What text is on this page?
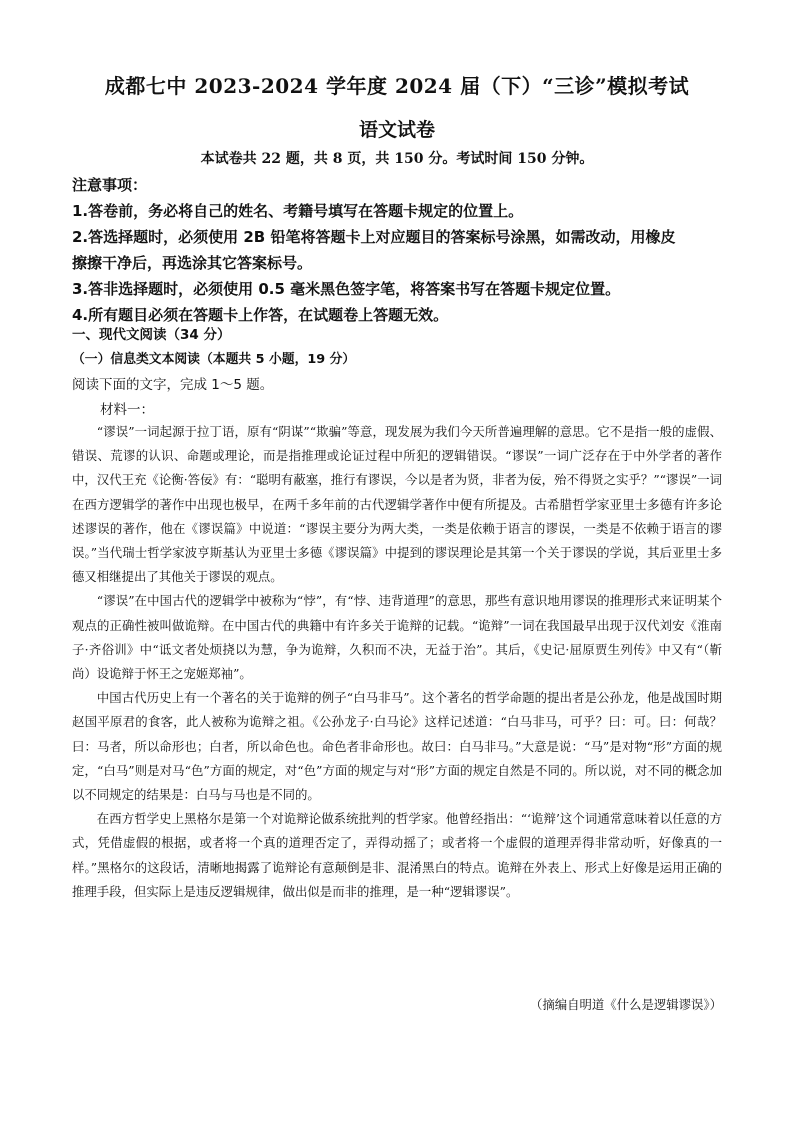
成都七中 2023-2024 学年度 2024 届（下）“三诊”模拟考试
语文试卷
本试卷共 22 题，共 8 页，共 150 分。考试时间 150 分钟。
注意事项：
1.答卷前，务必将自己的姓名、考籍号填写在答题卡规定的位置上。
2.答选择题时，必须使用 2B 铅笔将答题卡上对应题目的答案标号涂黑，如需改动，用橡皮
擦擦干净后，再选涂其它答案标号。
3.答非选择题时，必须使用 0.5 毫米黑色签字笔，将答案书写在答题卡规定位置。
4.所有题目必须在答题卡上作答，在试题卷上答题无效。
一、现代文阅读（34 分）
（一）信息类文本阅读（本题共 5 小题，19 分）
阅读下面的文字，完成 1～5 题。
材料一：

“谬误”一词起源于拉丁语，原有“阴谋”“欺骗”等意，现发展为我们今天所普遍理解的意思。它不是指一般的虚假、错误、荒谬的认识、命题或理论，而是指推理或论证过程中所犯的逻辑错误。“谬误”一词广泛存在于中外学者的著作中，汉代王充《论衡·答佞》有：“聪明有蔽塞，推行有谬误，今以是者为贤，非者为佞，殆不得贤之实乎？”“谬误”一词在西方逻辑学的著作中出现也极早，在两千多年前的古代逻辑学著作中便有所提及。古希腊哲学家亚里士多德有许多论述谬误的著作，他在《谬误篇》中说道：“谬误主要分为两大类，一类是依赖于语言的谬误，一类是不依赖于语言的谬误。”当代瑞士哲学家波亨斯基认为亚里士多德《谬误篇》中提到的谬误理论是其第一个关于谬误的学说，其后亚里士多德又相继提出了其他关于谬误的观点。

“谬误”在中国古代的逻辑学中被称为“悖”，有“悖、违背道理”的意思，那些有意识地用谬误的推理形式来证明某个观点的正确性被叫做诡辩。在中国古代的典籍中有许多关于诡辩的记载。“诡辩”一词在我国最早出现于汉代刘安《淮南子·齐俗训》中“诋文者处烦挠以为慧，争为诡辩，久积而不决，无益于治”。其后，《史记·屈原贾生列传》中又有“（靳尚）设诡辩于怀王之宠姬郑袖”。

中国古代历史上有一个著名的关于诡辩的例子“白马非马”。这个著名的哲学命题的提出者是公孙龙，他是战国时期赵国平原君的食客，此人被称为诡辩之祖。《公孙龙子·白马论》这样记述道：“白马非马，可乎？曰：可。曰：何哉？曰：马者，所以命形也；白者，所以命色也。命色者非命形也。故曰：白马非马。”大意是说：“马”是对物“形”方面的规定，“白马”则是对马“色”方面的规定，对“色”方面的规定与对“形”方面的规定自然是不同的。所以说，对不同的概念加以不同规定的结果是：白马与马也是不同的。

在西方哲学史上黑格尔是第一个对诡辩论做系统批判的哲学家。他曾经指出：“‘诡辩’这个词通常意味着以任意的方式，凭借虚假的根据，或者将一个真的道理否定了，弄得动摇了；或者将一个虚假的道理弄得非常动听，好像真的一样。”黑格尔的这段话，清晰地揭露了诡辩论有意颠倒是非、混淆黑白的特点。诡辩在外表上、形式上好像是运用正确的推理手段，但实际上是违反逻辑规律，做出似是而非的推理，是一种“逻辑谬误”。

（摘编自明道《什么是逻辑谬误》）
